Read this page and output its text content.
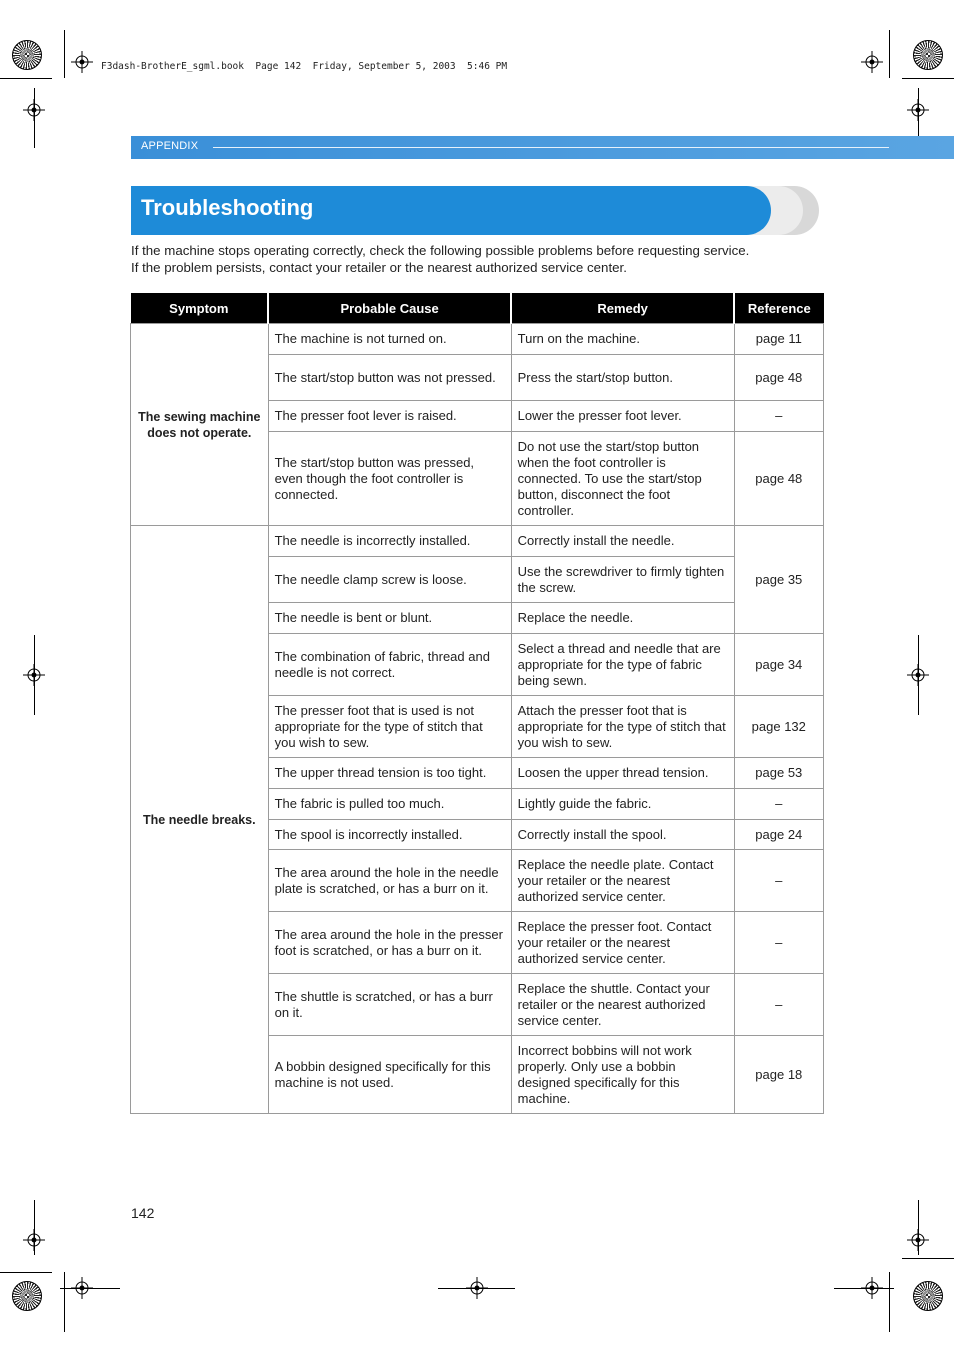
F3dash-BrotherE_sgml.book  Page 142  Friday, September 5, 2003  5:46 PM
APPENDIX
Troubleshooting

If the machine stops operating correctly, check the following possible problems before requesting service.

If the problem persists, contact your retailer or the nearest authorized service center.

Symptom	Probable Cause	Remedy	Reference
The sewing machine does not operate.	The machine is not turned on.	Turn on the machine.	page 11
	The start/stop button was not pressed.	Press the start/stop button.	page 48
	The presser foot lever is raised.	Lower the presser foot lever.	–
	The start/stop button was pressed, even though the foot controller is connected.	Do not use the start/stop button when the foot controller is connected. To use the start/stop button, disconnect the foot controller.	page 48
The needle breaks.	The needle is incorrectly installed.	Correctly install the needle.	page 35
	The needle clamp screw is loose.	Use the screwdriver to firmly tighten the screw.	
	The needle is bent or blunt.	Replace the needle.	
	The combination of fabric, thread and needle is not correct.	Select a thread and needle that are appropriate for the type of fabric being sewn.	page 34
	The presser foot that is used is not appropriate for the type of stitch that you wish to sew.	Attach the presser foot that is appropriate for the type of stitch that you wish to sew.	page 132
	The upper thread tension is too tight.	Loosen the upper thread tension.	page 53
	The fabric is pulled too much.	Lightly guide the fabric.	–
	The spool is incorrectly installed.	Correctly install the spool.	page 24
	The area around the hole in the needle plate is scratched, or has a burr on it.	Replace the needle plate. Contact your retailer or the nearest authorized service center.	–
	The area around the hole in the presser foot is scratched, or has a burr on it.	Replace the presser foot. Contact your retailer or the nearest authorized service center.	–
	The shuttle is scratched, or has a burr on it.	Replace the shuttle. Contact your retailer or the nearest authorized service center.	–
	A bobbin designed specifically for this machine is not used.	Incorrect bobbins will not work properly. Only use a bobbin designed specifically for this machine.	page 18
142
